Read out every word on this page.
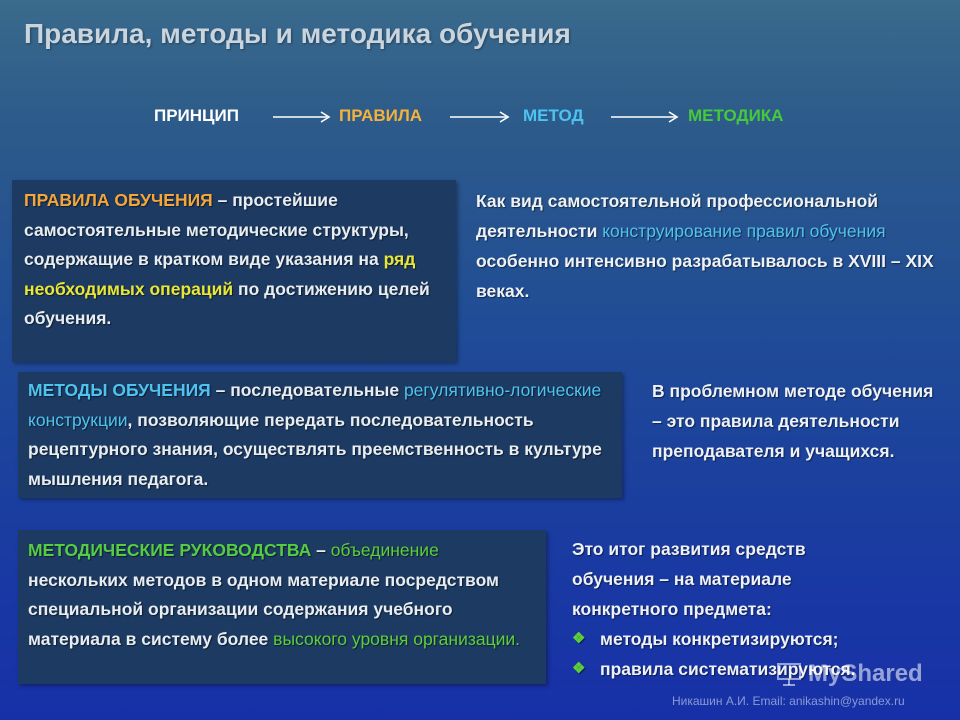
Правила, методы и методика обучения
ПРИНЦИП	ПРАВИЛА	МЕТОД	МЕТОДИКА

ПРАВИЛА ОБУЧЕНИЯ – простейшие самостоятельные методические структуры, содержащие в кратком виде указания на ряд необходимых операций по достижению целей обучения.

Как вид самостоятельной профессиональной деятельности конструирование правил обучения особенно интенсивно разрабатывалось в XVIII – XIX веках.

МЕТОДЫ ОБУЧЕНИЯ – последовательные регулятивно-логические конструкции, позволяющие передать последовательность рецептурного знания, осуществлять преемственность в культуре мышления педагога.

В проблемном методе обучения – это правила деятельности преподавателя и учащихся.

МЕТОДИЧЕСКИЕ РУКОВОДСТВА – объединение нескольких методов в одном материале посредством специальной организации содержания учебного материала в систему более высокого уровня организации.

Это итог развития средств обучения – на материале конкретного предмета:

❖ методы конкретизируются;
❖ правила систематизируются.
MyShared
Никашин А.И. Email: anikashin@yandex.ru
